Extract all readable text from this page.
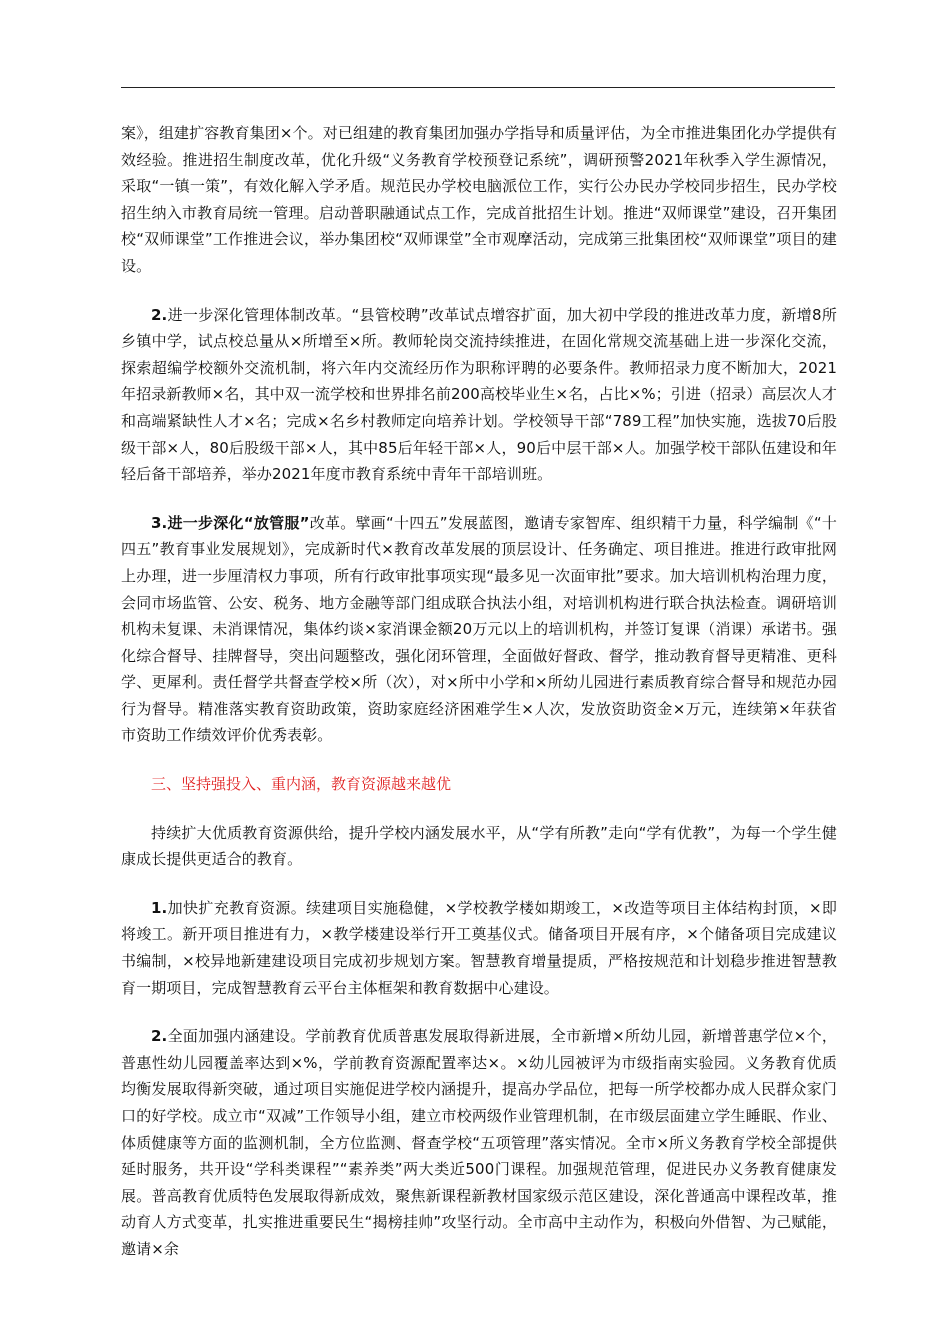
案》，组建扩容教育集团×个。对已组建的教育集团加强办学指导和质量评估，为全市推进集团化办学提供有效经验。推进招生制度改革，优化升级“义务教育学校预登记系统”，调研预警2021年秋季入学生源情况，采取“一镇一策”，有效化解入学矛盾。规范民办学校电脑派位工作，实行公办民办学校同步招生，民办学校招生纳入市教育局统一管理。启动普职融通试点工作，完成首批招生计划。推进“双师课堂”建设，召开集团校“双师课堂”工作推进会议，举办集团校“双师课堂”全市观摩活动，完成第三批集团校“双师课堂”项目的建设。

2.进一步深化管理体制改革。“县管校聘”改革试点增容扩面，加大初中学段的推进改革力度，新增8所乡镇中学，试点校总量从×所增至×所。教师轮岗交流持续推进，在固化常规交流基础上进一步深化交流，探索超编学校额外交流机制，将六年内交流经历作为职称评聘的必要条件。教师招录力度不断加大，2021年招录新教师×名，其中双一流学校和世界排名前200高校毕业生×名，占比×%；引进（招录）高层次人才和高端紧缺性人才×名；完成×名乡村教师定向培养计划。学校领导干部“789工程”加快实施，选拔70后股级干部×人，80后股级干部×人，其中85后年轻干部×人，90后中层干部×人。加强学校干部队伍建设和年轻后备干部培养，举办2021年度市教育系统中青年干部培训班。

3.进一步深化“放管服”改革。擘画“十四五”发展蓝图，邀请专家智库、组织精干力量，科学编制《“十四五”教育事业发展规划》，完成新时代×教育改革发展的顶层设计、任务确定、项目推进。推进行政审批网上办理，进一步厘清权力事项，所有行政审批事项实现“最多见一次面审批”要求。加大培训机构治理力度，会同市场监管、公安、税务、地方金融等部门组成联合执法小组，对培训机构进行联合执法检查。调研培训机构未复课、未消课情况，集体约谈×家消课金额20万元以上的培训机构，并签订复课（消课）承诺书。强化综合督导、挂牌督导，突出问题整改，强化闭环管理，全面做好督政、督学，推动教育督导更精准、更科学、更犀利。责任督学共督查学校×所（次），对×所中小学和×所幼儿园进行素质教育综合督导和规范办园行为督导。精准落实教育资助政策，资助家庭经济困难学生×人次，发放资助资金×万元，连续第×年获省市资助工作绩效评价优秀表彰。

三、坚持强投入、重内涵，教育资源越来越优

持续扩大优质教育资源供给，提升学校内涵发展水平，从“学有所教”走向“学有优教”，为每一个学生健康成长提供更适合的教育。

1.加快扩充教育资源。续建项目实施稳健，×学校教学楼如期竣工，×改造等项目主体结构封顶，×即将竣工。新开项目推进有力，×教学楼建设举行开工奠基仪式。储备项目开展有序，×个储备项目完成建议书编制，×校异地新建建设项目完成初步规划方案。智慧教育增量提质，严格按规范和计划稳步推进智慧教育一期项目，完成智慧教育云平台主体框架和教育数据中心建设。

2.全面加强内涵建设。学前教育优质普惠发展取得新进展，全市新增×所幼儿园，新增普惠学位×个，普惠性幼儿园覆盖率达到×%，学前教育资源配置率达×。×幼儿园被评为市级指南实验园。义务教育优质均衡发展取得新突破，通过项目实施促进学校内涵提升，提高办学品位，把每一所学校都办成人民群众家门口的好学校。成立市“双减”工作领导小组，建立市校两级作业管理机制，在市级层面建立学生睡眠、作业、体质健康等方面的监测机制，全方位监测、督查学校“五项管理”落实情况。全市×所义务教育学校全部提供延时服务，共开设“学科类课程”“素养类”两大类近500门课程。加强规范管理，促进民办义务教育健康发展。普高教育优质特色发展取得新成效，聚焦新课程新教材国家级示范区建设，深化普通高中课程改革，推动育人方式变革，扎实推进重要民生“揭榜挂帅”攻坚行动。全市高中主动作为，积极向外借智、为己赋能，邀请×余
